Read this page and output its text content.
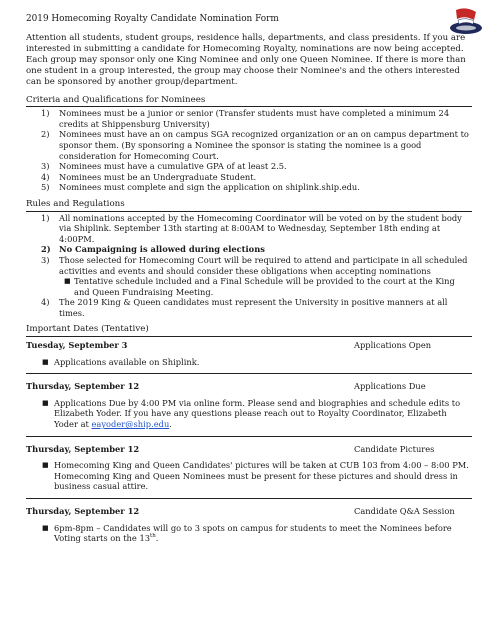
2019 Homecoming Royalty Candidate Nomination Form
Attention all students, student groups, residence halls, departments, and class presidents. If you are interested in submitting a candidate for Homecoming Royalty, nominations are now being accepted. Each group may sponsor only one King Nominee and only one Queen Nominee. If there is more than one student in a group interested, the group may choose their Nominee's and the others interested can be sponsored by another group/department.
Criteria and Qualifications for Nominees
1) Nominees must be a junior or senior (Transfer students must have completed a minimum 24 credits at Shippensburg University)
2) Nominees must have an on campus SGA recognized organization or an on campus department to sponsor them. (By sponsoring a Nominee the sponsor is stating the nominee is a good consideration for Homecoming Court.
3) Nominees must have a cumulative GPA of at least 2.5.
4) Nominees must be an Undergraduate Student.
5) Nominees must complete and sign the application on shiplink.ship.edu.
Rules and Regulations
1) All nominations accepted by the Homecoming Coordinator will be voted on by the student body via Shiplink. September 13th starting at 8:00AM to Wednesday, September 18th ending at 4:00PM.
2) No Campaigning is allowed during elections
3) Those selected for Homecoming Court will be required to attend and participate in all scheduled activities and events and should consider these obligations when accepting nominations
■ Tentative schedule included and a Final Schedule will be provided to the court at the King and Queen Fundraising Meeting.
4) The 2019 King & Queen candidates must represent the University in positive manners at all times.
Important Dates (Tentative)
Tuesday, September 3	Applications Open
■ Applications available on Shiplink.
Thursday, September 12	Applications Due
■ Applications Due by 4:00 PM via online form. Please send and biographies and schedule edits to Elizabeth Yoder. If you have any questions please reach out to Royalty Coordinator, Elizabeth Yoder at eayoder@ship.edu.
Thursday, September 12	Candidate Pictures
■ Homecoming King and Queen Candidates' pictures will be taken at CUB 103 from 4:00 – 8:00 PM. Homecoming King and Queen Nominees must be present for these pictures and should dress in business casual attire.
Thursday, September 12	Candidate Q&A Session
■ 6pm-8pm – Candidates will go to 3 spots on campus for students to meet the Nominees before Voting starts on the 13th.
